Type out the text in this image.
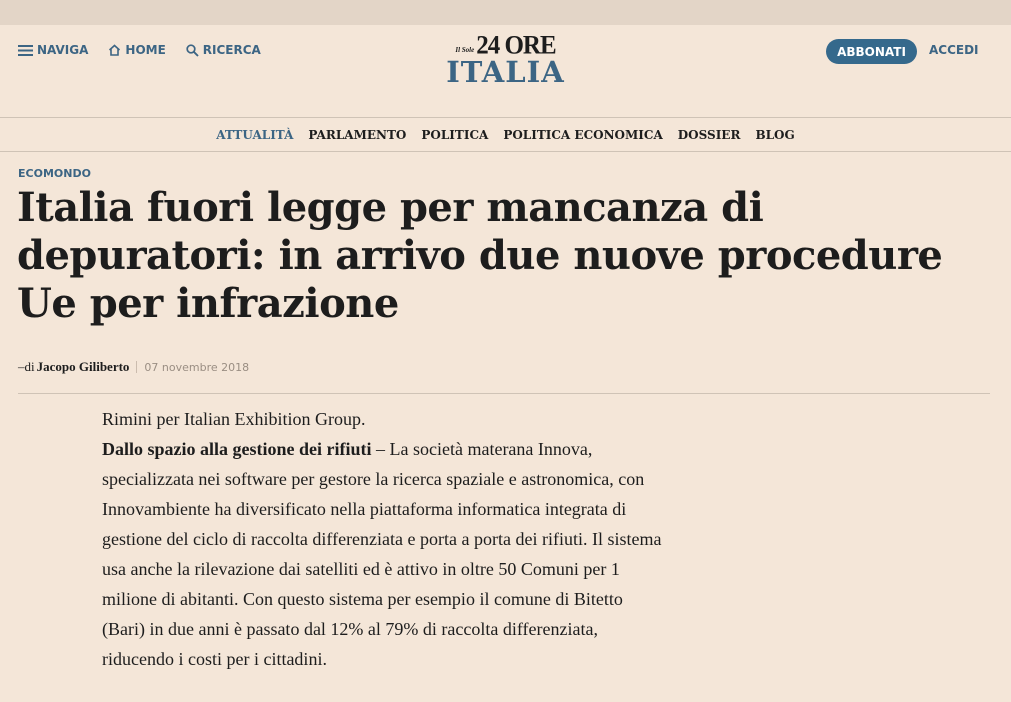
NAVIGA	HOME	RICERCA	Il Sole 24 ORE
ITALIA
ABBONATI	ACCEDI
ATTUALITÀ PARLAMENTO POLITICA POLITICA ECONOMICA DOSSIER BLOG
ECOMONDO
Italia fuori legge per mancanza di depuratori: in arrivo due nuove procedure Ue per infrazione
–di Jacopo Giliberto 07 novembre 2018

Rimini per Italian Exhibition Group.

Dallo spazio alla gestione dei rifiuti – La società materana Innova, specializzata nei software per gestore la ricerca spaziale e astronomica, con Innovambiente ha diversificato nella piattaforma informatica integrata di gestione del ciclo di raccolta differenziata e porta a porta dei rifiuti. Il sistema usa anche la rilevazione dai satelliti ed è attivo in oltre 50 Comuni per 1 milione di abitanti. Con questo sistema per esempio il comune di Bitetto (Bari) in due anni è passato dal 12% al 79% di raccolta differenziata, riducendo i costi per i cittadini.
